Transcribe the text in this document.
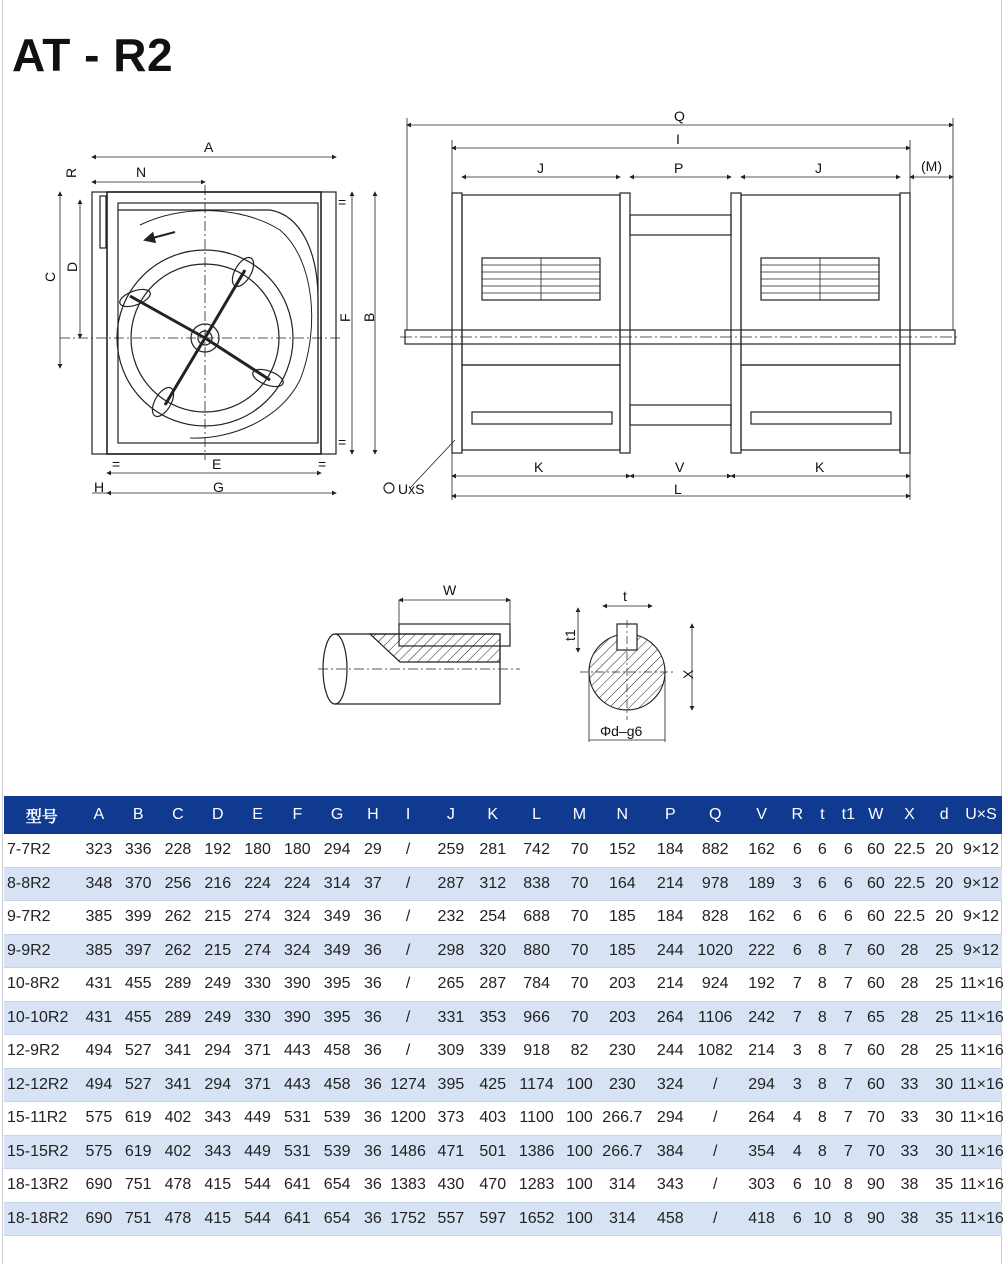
AT - R2
A
N
R
C
D
F B
E
G
H
=
=
=	=
Q
I
J	P	J	(M)
K	V	K
L
UxS
W	t
t1
X
Φd–g6
型号	A	B	C	D	E	F	G	H	I	J	K	L	M	N	P	Q	V	R	t	t1	W	X	d	U×S
7-7R2	323	336	228	192	180	180	294	29	/	259	281	742	70	152	184	882	162	6	6	6	60	22.5	20	9×12
8-8R2	348	370	256	216	224	224	314	37	/	287	312	838	70	164	214	978	189	3	6	6	60	22.5	20	9×12
9-7R2	385	399	262	215	274	324	349	36	/	232	254	688	70	185	184	828	162	6	6	6	60	22.5	20	9×12
9-9R2	385	397	262	215	274	324	349	36	/	298	320	880	70	185	244	1020	222	6	8	7	60	28	25	9×12
10-8R2	431	455	289	249	330	390	395	36	/	265	287	784	70	203	214	924	192	7	8	7	60	28	25	11×16
10-10R2	431	455	289	249	330	390	395	36	/	331	353	966	70	203	264	1106	242	7	8	7	65	28	25	11×16
12-9R2	494	527	341	294	371	443	458	36	/	309	339	918	82	230	244	1082	214	3	8	7	60	28	25	11×16
12-12R2	494	527	341	294	371	443	458	36	1274	395	425	1174	100	230	324	/	294	3	8	7	60	33	30	11×16
15-11R2	575	619	402	343	449	531	539	36	1200	373	403	1100	100	266.7	294	/	264	4	8	7	70	33	30	11×16
15-15R2	575	619	402	343	449	531	539	36	1486	471	501	1386	100	266.7	384	/	354	4	8	7	70	33	30	11×16
18-13R2	690	751	478	415	544	641	654	36	1383	430	470	1283	100	314	343	/	303	6	10	8	90	38	35	11×16
18-18R2	690	751	478	415	544	641	654	36	1752	557	597	1652	100	314	458	/	418	6	10	8	90	38	35	11×16
